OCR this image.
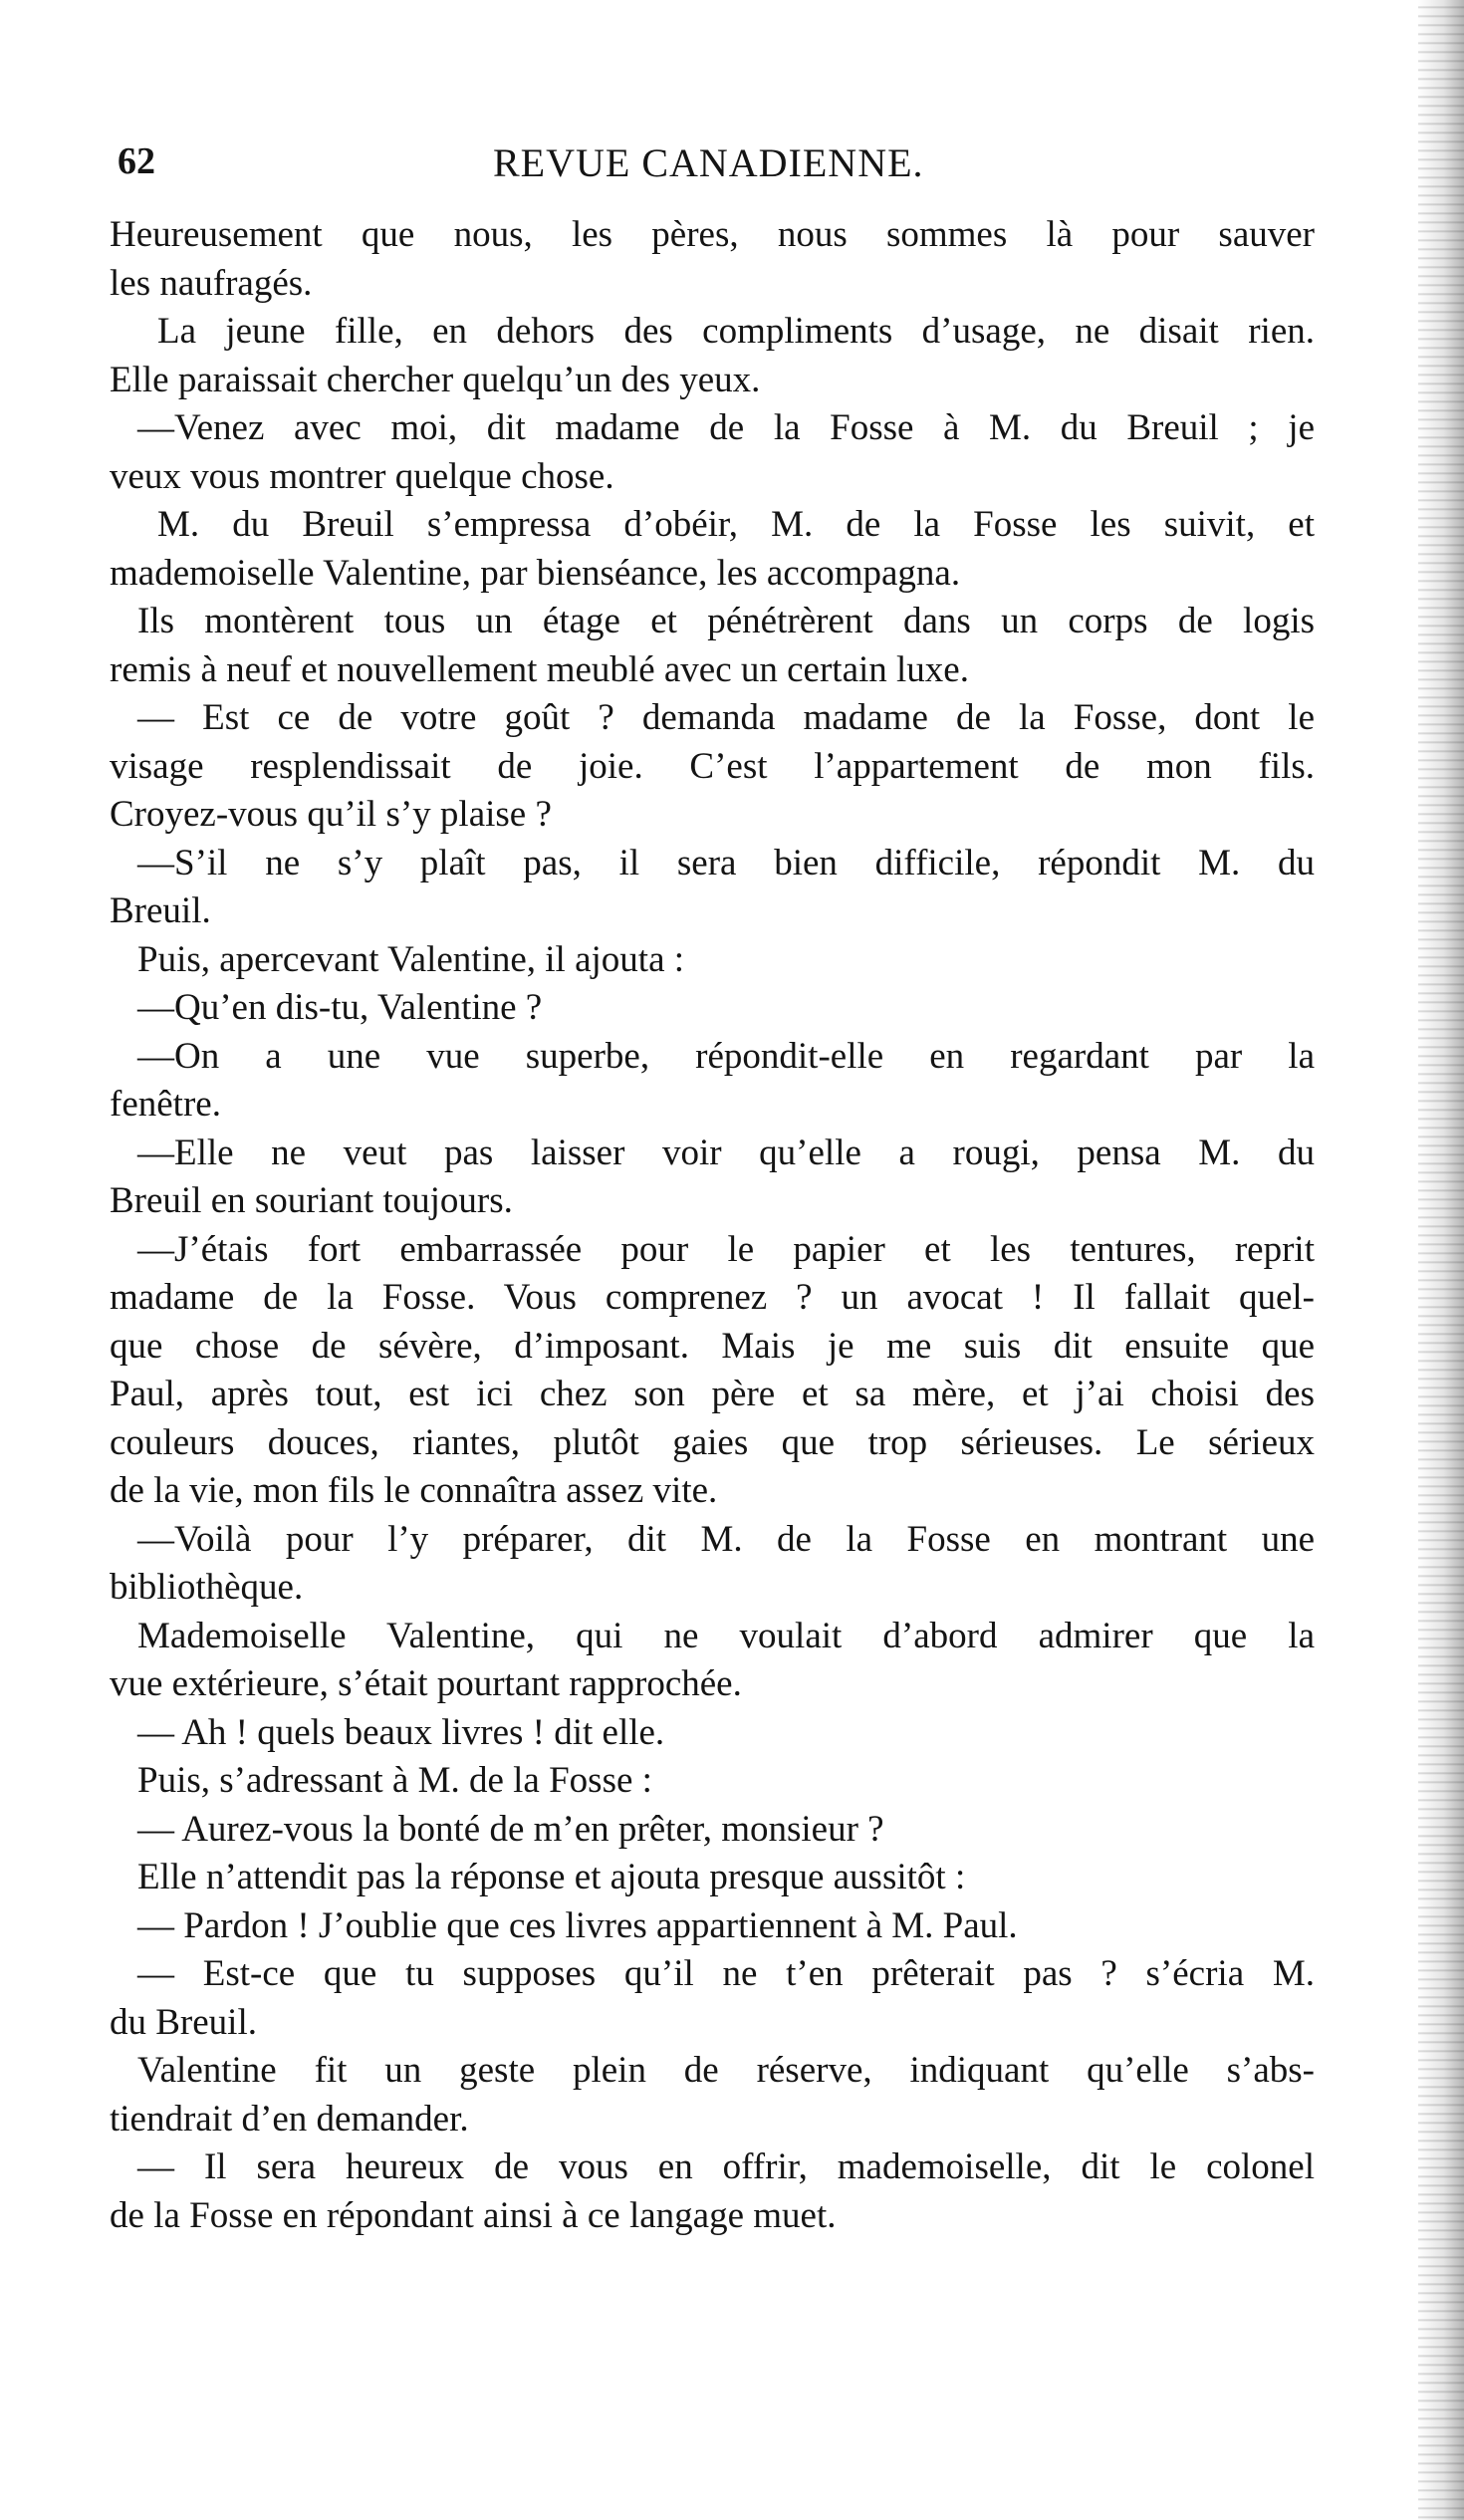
62	REVUE CANADIENNE.
Heureusement que nous, les pères, nous sommes là pour sauver
les naufragés.
La jeune fille, en dehors des compliments d’usage, ne disait rien.
Elle paraissait chercher quelqu’un des yeux.
—Venez avec moi, dit madame de la Fosse à M. du Breuil ; je
veux vous montrer quelque chose.
M. du Breuil s’empressa d’obéir, M. de la Fosse les suivit, et
mademoiselle Valentine, par bienséance, les accompagna.
Ils montèrent tous un étage et pénétrèrent dans un corps de logis
remis à neuf et nouvellement meublé avec un certain luxe.
— Est ce de votre goût ? demanda madame de la Fosse, dont le
visage resplendissait de joie. C’est l’appartement de mon fils.
Croyez-vous qu’il s’y plaise ?
—S’il ne s’y plaît pas, il sera bien difficile, répondit M. du
Breuil.
Puis, apercevant Valentine, il ajouta :
—Qu’en dis-tu, Valentine ?
—On a une vue superbe, répondit-elle en regardant par la
fenêtre.
—Elle ne veut pas laisser voir qu’elle a rougi, pensa M. du
Breuil en souriant toujours.
—J’étais fort embarrassée pour le papier et les tentures, reprit
madame de la Fosse. Vous comprenez ? un avocat ! Il fallait quel-
que chose de sévère, d’imposant. Mais je me suis dit ensuite que
Paul, après tout, est ici chez son père et sa mère, et j’ai choisi des
couleurs douces, riantes, plutôt gaies que trop sérieuses. Le sérieux
de la vie, mon fils le connaîtra assez vite.
—Voilà pour l’y préparer, dit M. de la Fosse en montrant une
bibliothèque.
Mademoiselle Valentine, qui ne voulait d’abord admirer que la
vue extérieure, s’était pourtant rapprochée.
— Ah ! quels beaux livres ! dit elle.
Puis, s’adressant à M. de la Fosse :
— Aurez-vous la bonté de m’en prêter, monsieur ?
Elle n’attendit pas la réponse et ajouta presque aussitôt :
— Pardon ! J’oublie que ces livres appartiennent à M. Paul.
— Est-ce que tu supposes qu’il ne t’en prêterait pas ? s’écria M.
du Breuil.
Valentine fit un geste plein de réserve, indiquant qu’elle s’abs-
tiendrait d’en demander.
— Il sera heureux de vous en offrir, mademoiselle, dit le colonel
de la Fosse en répondant ainsi à ce langage muet.
